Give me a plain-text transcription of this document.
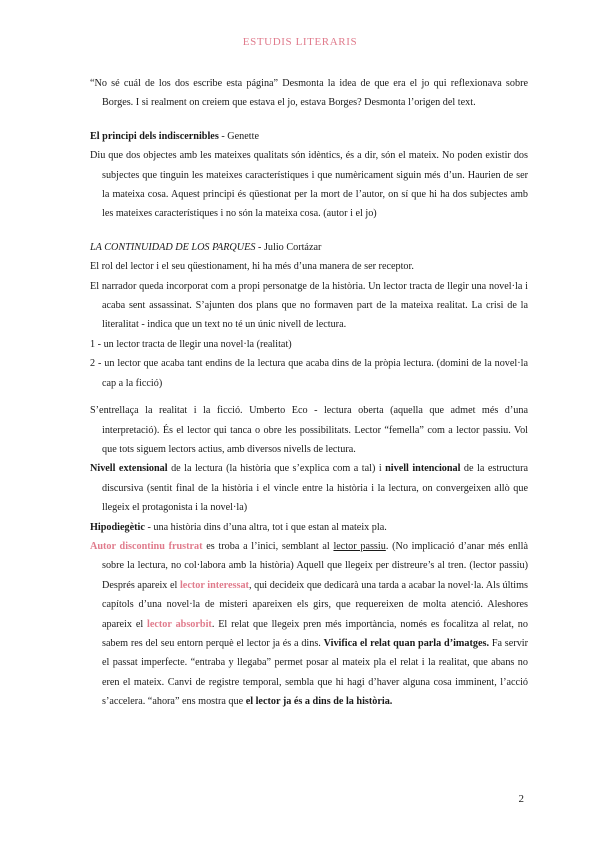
ESTUDIS LITERARIS

“No sé cuál de los dos escribe esta página” Desmonta la idea de que era el jo qui reflexionava sobre Borges. I si realment on creiem que estava el jo, estava Borges? Desmonta l’origen del text.

El principi dels indiscernibles - Genette

Diu que dos objectes amb les mateixes qualitats són idèntics, és a dir, són el mateix. No poden existir dos subjectes que tinguin les mateixes característiques i que numèricament siguin més d’un. Haurien de ser la mateixa cosa. Aquest principi és qüestionat per la mort de l’autor, on sí que hi ha dos subjectes amb les mateixes característiques i no són la mateixa cosa. (autor i el jo)

LA CONTINUIDAD DE LOS PARQUES - Julio Cortázar

El rol del lector i el seu qüestionament, hi ha més d’una manera de ser receptor.

El narrador queda incorporat com a propi personatge de la història. Un lector tracta de llegir una novel·la i acaba sent assassinat. S’ajunten dos plans que no formaven part de la mateixa realitat. La crisi de la literalitat - indica que un text no té un únic nivell de lectura.

1 - un lector tracta de llegir una novel·la (realitat)

2 - un lector que acaba tant endins de la lectura que acaba dins de la pròpia lectura. (domini de la novel·la cap a la ficció)

S’entrellaça la realitat i la ficció. Umberto Eco - lectura oberta (aquella que admet més d’una interpretació). És el lector qui tanca o obre les possibilitats. Lector “femella” com a lector passiu. Vol que tots siguem lectors actius, amb diversos nivells de lectura.

Nivell extensional de la lectura (la història que s’explica com a tal) i nivell intencional de la estructura discursiva (sentit final de la història i el vincle entre la història i la lectura, on convergeixen allò que llegeix el protagonista i la novel·la)

Hipodiegètic - una història dins d’una altra, tot i que estan al mateix pla.

Autor discontinu frustrat es troba a l’inici, semblant al lector passiu. (No implicació d’anar més enllà sobre la lectura, no col·labora amb la història) Aquell que llegeix per distreure’s al tren. (lector passiu) Després apareix el lector interessat, qui decideix que dedicarà una tarda a acabar la novel·la. Als últims capítols d’una novel·la de misteri apareixen els girs, que requereixen de molta atenció. Aleshores apareix el lector absorbit. El relat que llegeix pren més importància, només es focalitza al relat, no sabem res del seu entorn perquè el lector ja és a dins. Vivifica el relat quan parla d’imatges. Fa servir el passat imperfecte. “entraba y llegaba” permet posar al mateix pla el relat i la realitat, que abans no eren el mateix. Canvi de registre temporal, sembla que hi hagi d’haver alguna cosa imminent, l’acció s’accelera. “ahora” ens mostra que el lector ja és a dins de la història.

2
